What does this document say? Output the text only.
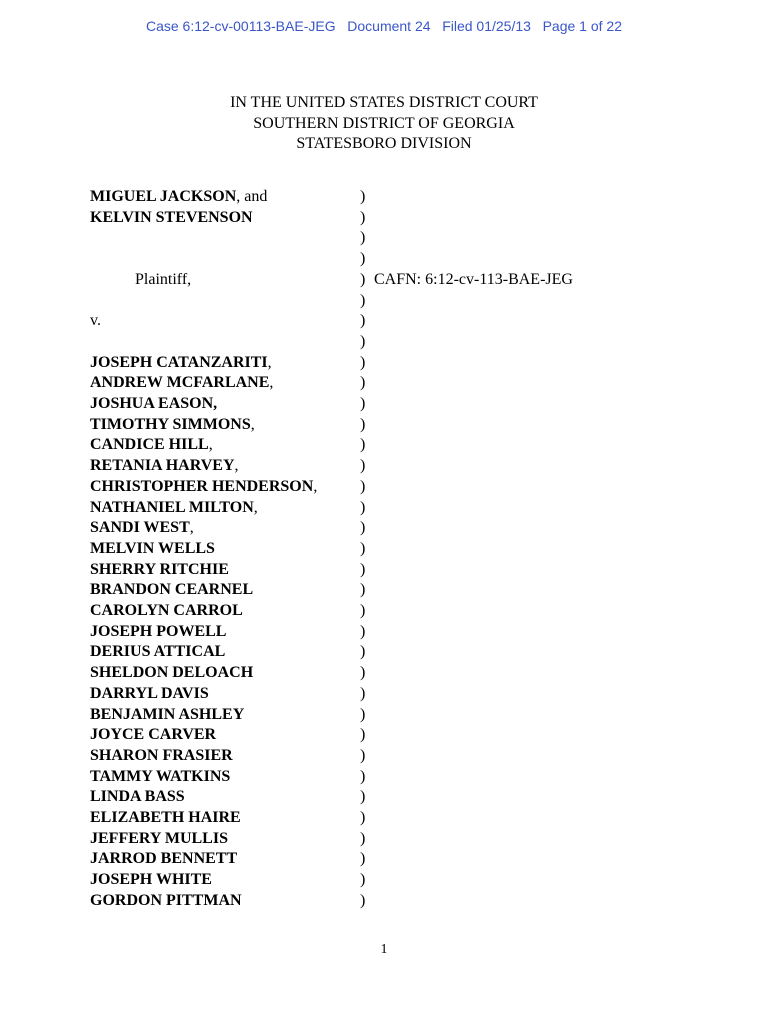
Case 6:12-cv-00113-BAE-JEG   Document 24   Filed 01/25/13   Page 1 of 22
IN THE UNITED STATES DISTRICT COURT
SOUTHERN DISTRICT OF GEORGIA
STATESBORO DIVISION
MIGUEL JACKSON, and	)
KELVIN STEVENSON	)
)
)
Plaintiff,	) CAFN: 6:12-cv-113-BAE-JEG
)
v.	)
)
JOSEPH CATANZARITI,	)
ANDREW MCFARLANE,	)
JOSHUA EASON,	)
TIMOTHY SIMMONS,	)
CANDICE HILL,	)
RETANIA HARVEY,	)
CHRISTOPHER HENDERSON,	)
NATHANIEL MILTON,	)
SANDI WEST,	)
MELVIN WELLS	)
SHERRY RITCHIE	)
BRANDON CEARNEL	)
CAROLYN CARROL	)
JOSEPH POWELL	)
DERIUS ATTICAL	)
SHELDON DELOACH	)
DARRYL DAVIS	)
BENJAMIN ASHLEY	)
JOYCE CARVER	)
SHARON FRASIER	)
TAMMY WATKINS	)
LINDA BASS	)
ELIZABETH HAIRE	)
JEFFERY MULLIS	)
JARROD BENNETT	)
JOSEPH WHITE	)
GORDON PITTMAN	)
1
